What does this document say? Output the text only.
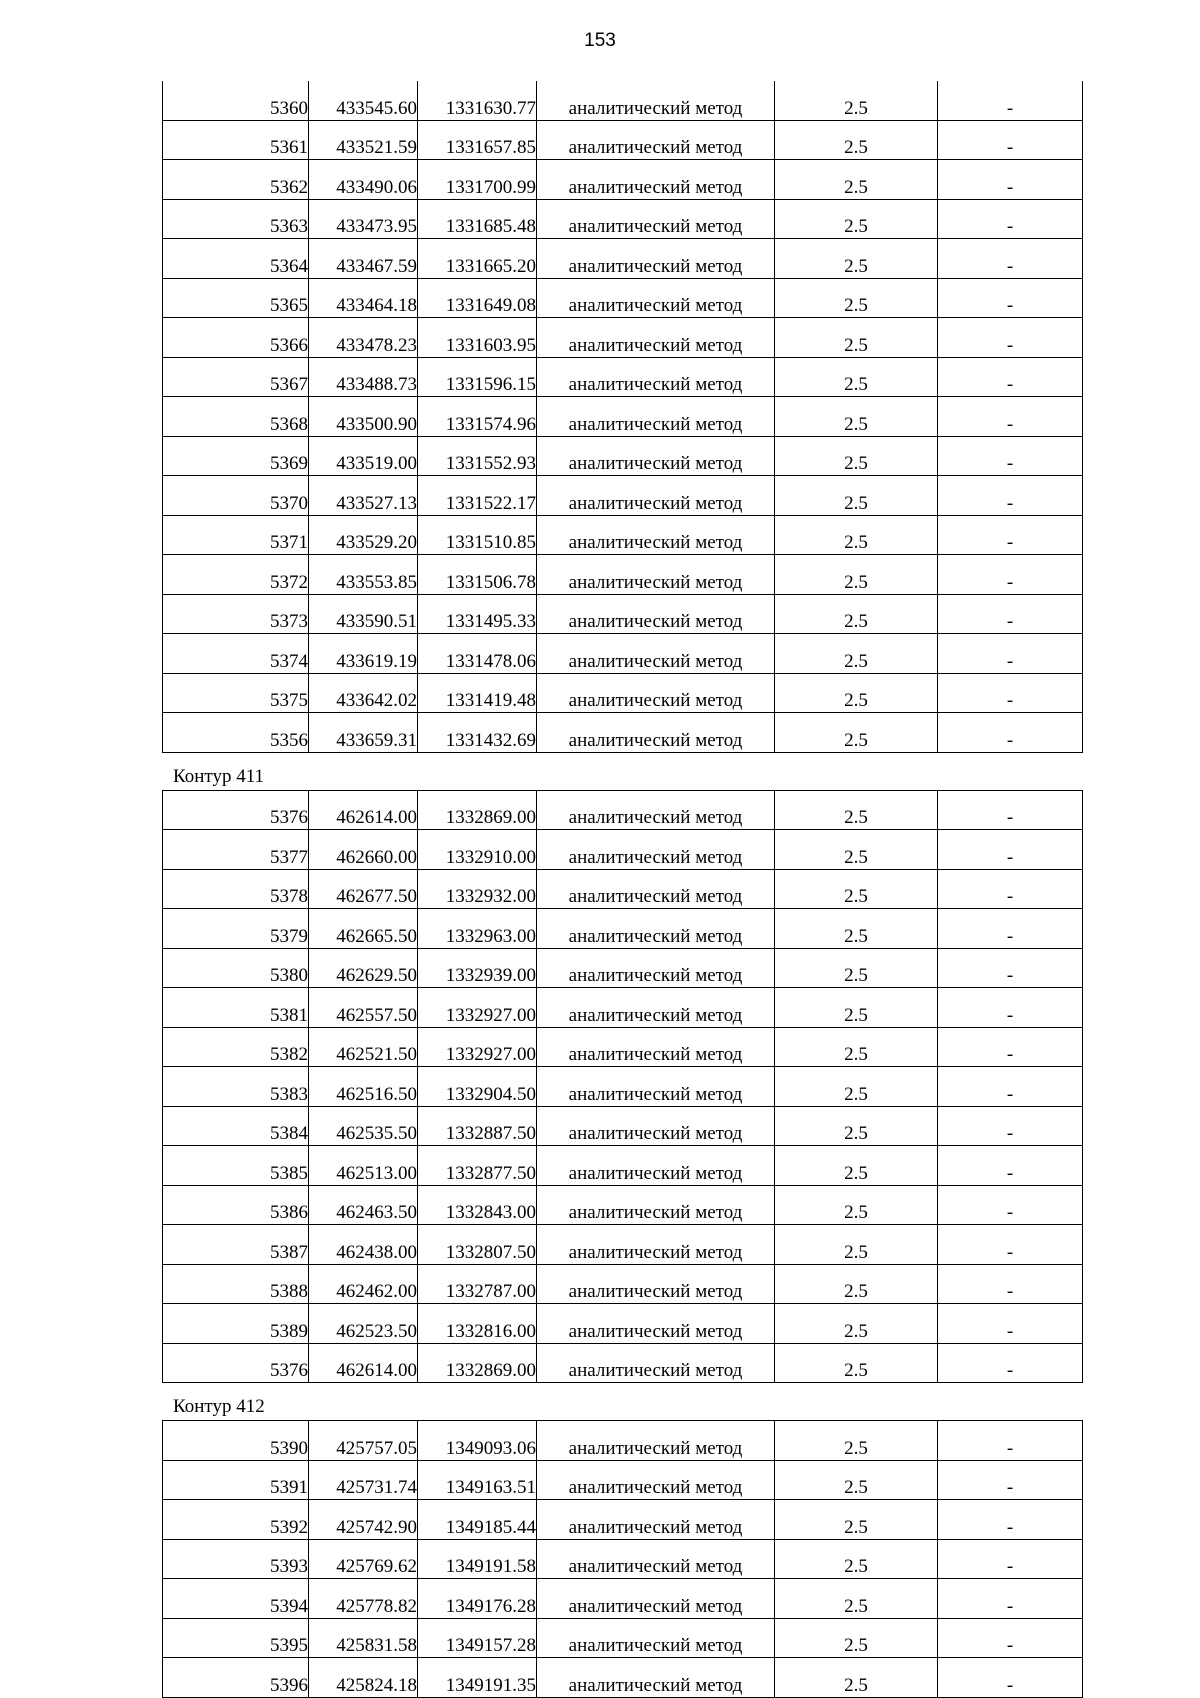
153
5360	433545.60	1331630.77	аналитический метод	2.5	-
5361	433521.59	1331657.85	аналитический метод	2.5	-
5362	433490.06	1331700.99	аналитический метод	2.5	-
5363	433473.95	1331685.48	аналитический метод	2.5	-
5364	433467.59	1331665.20	аналитический метод	2.5	-
5365	433464.18	1331649.08	аналитический метод	2.5	-
5366	433478.23	1331603.95	аналитический метод	2.5	-
5367	433488.73	1331596.15	аналитический метод	2.5	-
5368	433500.90	1331574.96	аналитический метод	2.5	-
5369	433519.00	1331552.93	аналитический метод	2.5	-
5370	433527.13	1331522.17	аналитический метод	2.5	-
5371	433529.20	1331510.85	аналитический метод	2.5	-
5372	433553.85	1331506.78	аналитический метод	2.5	-
5373	433590.51	1331495.33	аналитический метод	2.5	-
5374	433619.19	1331478.06	аналитический метод	2.5	-
5375	433642.02	1331419.48	аналитический метод	2.5	-
5356	433659.31	1331432.69	аналитический метод	2.5	-
Контур 411
5376	462614.00	1332869.00	аналитический метод	2.5	-
5377	462660.00	1332910.00	аналитический метод	2.5	-
5378	462677.50	1332932.00	аналитический метод	2.5	-
5379	462665.50	1332963.00	аналитический метод	2.5	-
5380	462629.50	1332939.00	аналитический метод	2.5	-
5381	462557.50	1332927.00	аналитический метод	2.5	-
5382	462521.50	1332927.00	аналитический метод	2.5	-
5383	462516.50	1332904.50	аналитический метод	2.5	-
5384	462535.50	1332887.50	аналитический метод	2.5	-
5385	462513.00	1332877.50	аналитический метод	2.5	-
5386	462463.50	1332843.00	аналитический метод	2.5	-
5387	462438.00	1332807.50	аналитический метод	2.5	-
5388	462462.00	1332787.00	аналитический метод	2.5	-
5389	462523.50	1332816.00	аналитический метод	2.5	-
5376	462614.00	1332869.00	аналитический метод	2.5	-
Контур 412
5390	425757.05	1349093.06	аналитический метод	2.5	-
5391	425731.74	1349163.51	аналитический метод	2.5	-
5392	425742.90	1349185.44	аналитический метод	2.5	-
5393	425769.62	1349191.58	аналитический метод	2.5	-
5394	425778.82	1349176.28	аналитический метод	2.5	-
5395	425831.58	1349157.28	аналитический метод	2.5	-
5396	425824.18	1349191.35	аналитический метод	2.5	-
